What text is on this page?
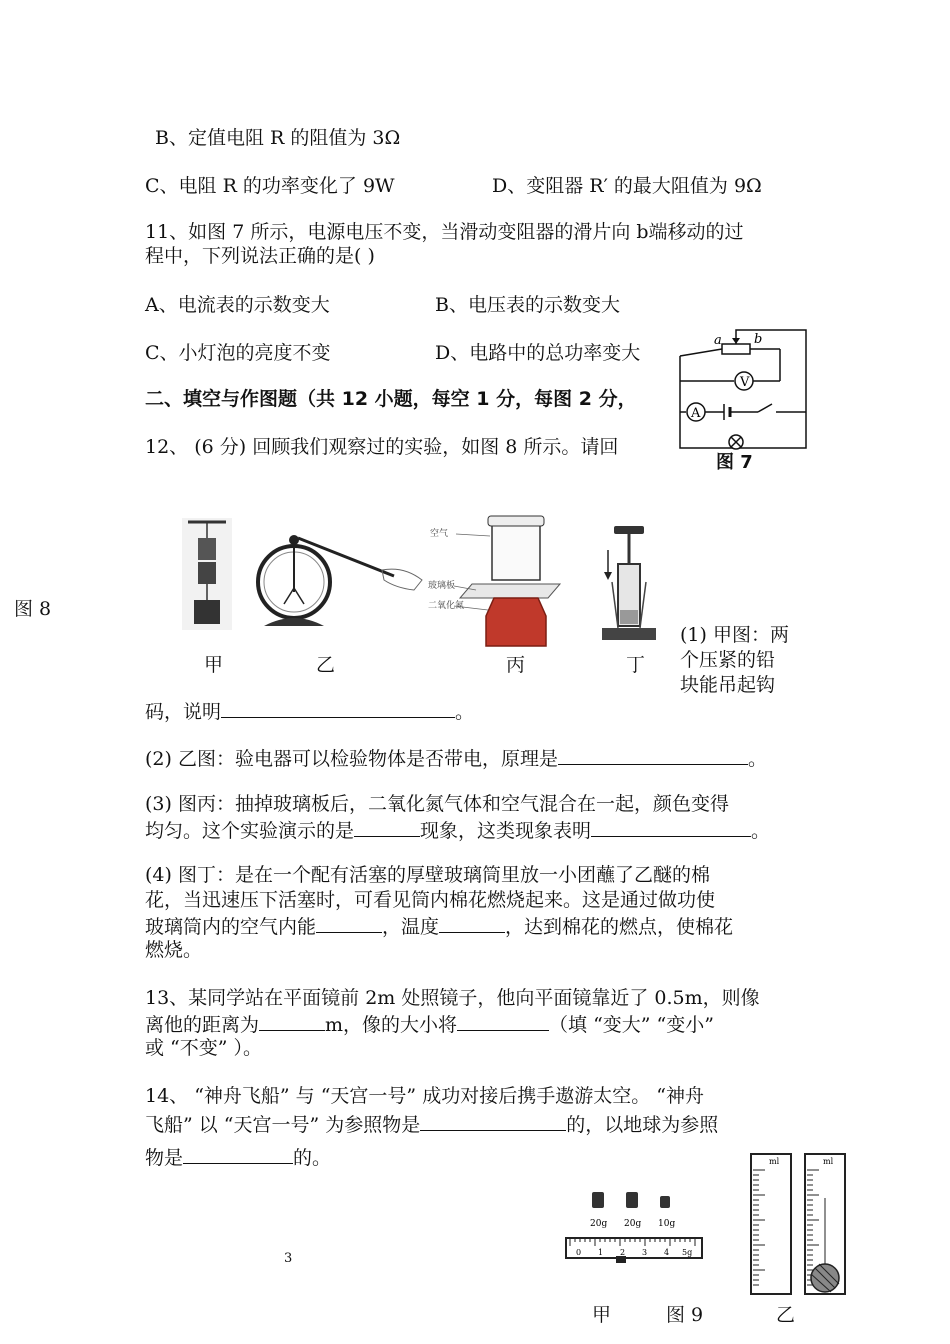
B、定值电阻 R 的阻值为 3Ω
C、电阻 R 的功率变化了 9W	D、变阻器 R′ 的最大阻值为 9Ω
11、如图 7 所示，电源电压不变，当滑动变阻器的滑片向 b端移动的过
程中，下列说法正确的是( )
A、电流表的示数变大	B、电压表的示数变大
C、小灯泡的亮度不变	D、电路中的总功率变大
a b
V
A
图 7
二、填空与作图题（共 12 小题，每空 1 分，每图 2 分，
12、 (6 分) 回顾我们观察过的实验，如图 8 所示。请回
图 8
空气
玻璃板
二氧化氮
甲	乙	丙	丁
(1) 甲图：两
个压紧的铅
块能吊起钩
码，说明	。
(2) 乙图：验电器可以检验物体是否带电，原理是	。
(3) 图丙：抽掉玻璃板后，二氧化氮气体和空气混合在一起，颜色变得
均匀。这个实验演示的是	现象，这类现象表明	。
(4) 图丁：是在一个配有活塞的厚壁玻璃筒里放一小团蘸了乙醚的棉
花，当迅速压下活塞时，可看见筒内棉花燃烧起来。这是通过做功使
玻璃筒内的空气内能	，温度	，达到棉花的燃点，使棉花
燃烧。
13、某同学站在平面镜前 2m 处照镜子，他向平面镜靠近了 0.5m，则像
离他的距离为	m，像的大小将	（填 “变大” “变小”
或 “不变” ）。
14、 “神舟飞船” 与 “天宫一号” 成功对接后携手遨游太空。 “神舟
飞船” 以 “天宫一号” 为参照物是	的，以地球为参照
物是	的。
20g 20g 10g
0 1 2 3 4 5g
ml	ml
甲	图 9	乙
3
